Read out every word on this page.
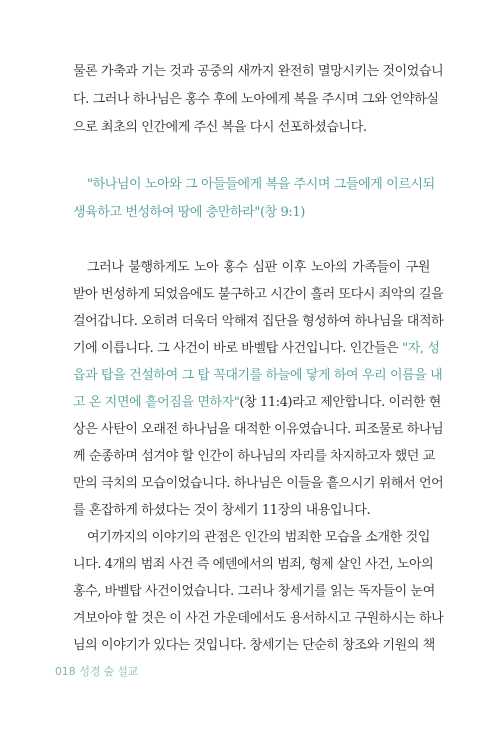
물론 가축과 기는 것과 공중의 새까지 완전히 멸망시키는 것이었습니
다. 그러나 하나님은 홍수 후에 노아에게 복을 주시며 그와 언약하실
으로 최초의 인간에게 주신 복을 다시 선포하셨습니다.
"하나님이 노아와 그 아들들에게 복을 주시며 그들에게 이르시되
생육하고 번성하여 땅에 충만하라"(창 9:1)
그러나 불행하게도 노아 홍수 심판 이후 노아의 가족들이 구원
받아 번성하게 되었음에도 불구하고 시간이 흘러 또다시 죄악의 길을
걸어갑니다. 오히려 더욱더 악해져 집단을 형성하여 하나님을 대적하
기에 이릅니다. 그 사건이 바로 바벨탑 사건입니다. 인간들은 "자, 성
읍과 탑을 건설하여 그 탑 꼭대기를 하늘에 닿게 하여 우리 이름을 내
고 온 지면에 흩어짐을 면하자"(창 11:4)라고 제안합니다. 이러한 현
상은 사탄이 오래전 하나님을 대적한 이유였습니다. 피조물로 하나님
께 순종하며 섬겨야 할 인간이 하나님의 자리를 차지하고자 했던 교
만의 극치의 모습이었습니다. 하나님은 이들을 흩으시기 위해서 언어
를 혼잡하게 하셨다는 것이 창세기 11장의 내용입니다.
여기까지의 이야기의 관점은 인간의 범죄한 모습을 소개한 것입
니다. 4개의 범죄 사건 즉 에덴에서의 범죄, 형제 살인 사건, 노아의
홍수, 바벨탑 사건이었습니다. 그러나 창세기를 읽는 독자들이 눈여
겨보아야 할 것은 이 사건 가운데에서도 용서하시고 구원하시는 하나
님의 이야기가 있다는 것입니다. 창세기는 단순히 창조와 기원의 책
018 성경 숲 설교
